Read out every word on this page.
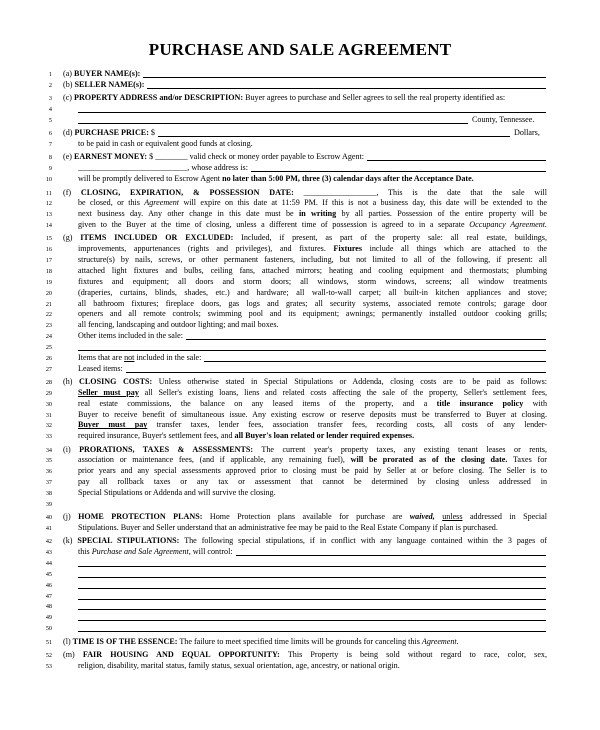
PURCHASE AND SALE AGREEMENT
1 (a) BUYER NAME(s):
2 (b) SELLER NAME(s):
3 (c) PROPERTY ADDRESS and/or DESCRIPTION: Buyer agrees to purchase and Seller agrees to sell the real property identified as:
4
5	County, Tennessee.
6 (d) PURCHASE PRICE: $	Dollars,
7	to be paid in cash or equivalent good funds at closing.
8 (e) EARNEST MONEY: $ ________ valid check or money order payable to Escrow Agent:
9	___________________________, whose address is:
10	will be promptly delivered to Escrow Agent no later than 5:00 PM, three (3) calendar days after the Acceptance Date.
11 (f) CLOSING, EXPIRATION, & POSSESSION DATE: __________________, This is the date that the sale will
12	be closed, or this Agreement will expire on this date at 11:59 PM. If this is not a business day, this date will be extended to the
13	next business day. Any other change in this date must be in writing by all parties. Possession of the entire property will be
14	given to the Buyer at the time of closing, unless a different time of possession is agreed to in a separate Occupancy Agreement.
15 (g) ITEMS INCLUDED OR EXCLUDED: Included, if present, as part of the property sale: all real estate, buildings,
16	improvements, appurtenances (rights and privileges), and fixtures. Fixtures include all things which are attached to the
17	structure(s) by nails, screws, or other permanent fasteners, including, but not limited to all of the following, if present: all
18	attached light fixtures and bulbs, ceiling fans, attached mirrors; heating and cooling equipment and thermostats; plumbing
19	fixtures and equipment; all doors and storm doors; all windows, storm windows, screens; all window treatments
20	(draperies, curtains, blinds, shades, etc.) and hardware; all wall-to-wall carpet; all built-in kitchen appliances and stove;
21	all bathroom fixtures; fireplace doors, gas logs and grates; all security systems, associated remote controls; garage door
22	openers and all remote controls; swimming pool and its equipment; awnings; permanently installed outdoor cooking grills;
23	all fencing, landscaping and outdoor lighting; and mail boxes.
24	Other items included in the sale:
25
26	Items that are not included in the sale:
27	Leased items:
28 (h) CLOSING COSTS: Unless otherwise stated in Special Stipulations or Addenda, closing costs are to be paid as follows:
29	Seller must pay all Seller's existing loans, liens and related costs affecting the sale of the property, Seller's settlement fees,
30	real estate commissions, the balance on any leased items of the property, and a title insurance policy with
31	Buyer to receive benefit of simultaneous issue. Any existing escrow or reserve deposits must be transferred to Buyer at closing.
32	Buyer must pay transfer taxes, lender fees, association transfer fees, recording costs, all costs of any lender-
33	required insurance, Buyer's settlement fees, and all Buyer's loan related or lender required expenses.
34 (i) PRORATIONS, TAXES & ASSESSMENTS: The current year's property taxes, any existing tenant leases or rents,
35	association or maintenance fees, (and if applicable, any remaining fuel), will be prorated as of the closing date. Taxes for
36	prior years and any special assessments approved prior to closing must be paid by Seller at or before closing. The Seller is to
37	pay all rollback taxes or any tax or assessment that cannot be determined by closing unless addressed in
38	Special Stipulations or Addenda and will survive the closing.
39
40 (j) HOME PROTECTION PLANS: Home Protection plans available for purchase are waived, unless addressed in Special
41	Stipulations. Buyer and Seller understand that an administrative fee may be paid to the Real Estate Company if plan is purchased.
42 (k) SPECIAL STIPULATIONS: The following special stipulations, if in conflict with any language contained within the 3 pages of
43	this Purchase and Sale Agreement, will control:
44
45
46
47
48
49
50
51 (l) TIME IS OF THE ESSENCE: The failure to meet specified time limits will be grounds for canceling this Agreement.
52 (m) FAIR HOUSING AND EQUAL OPPORTUNITY: This Property is being sold without regard to race, color, sex,
53	religion, disability, marital status, family status, sexual orientation, age, ancestry, or national origin.
